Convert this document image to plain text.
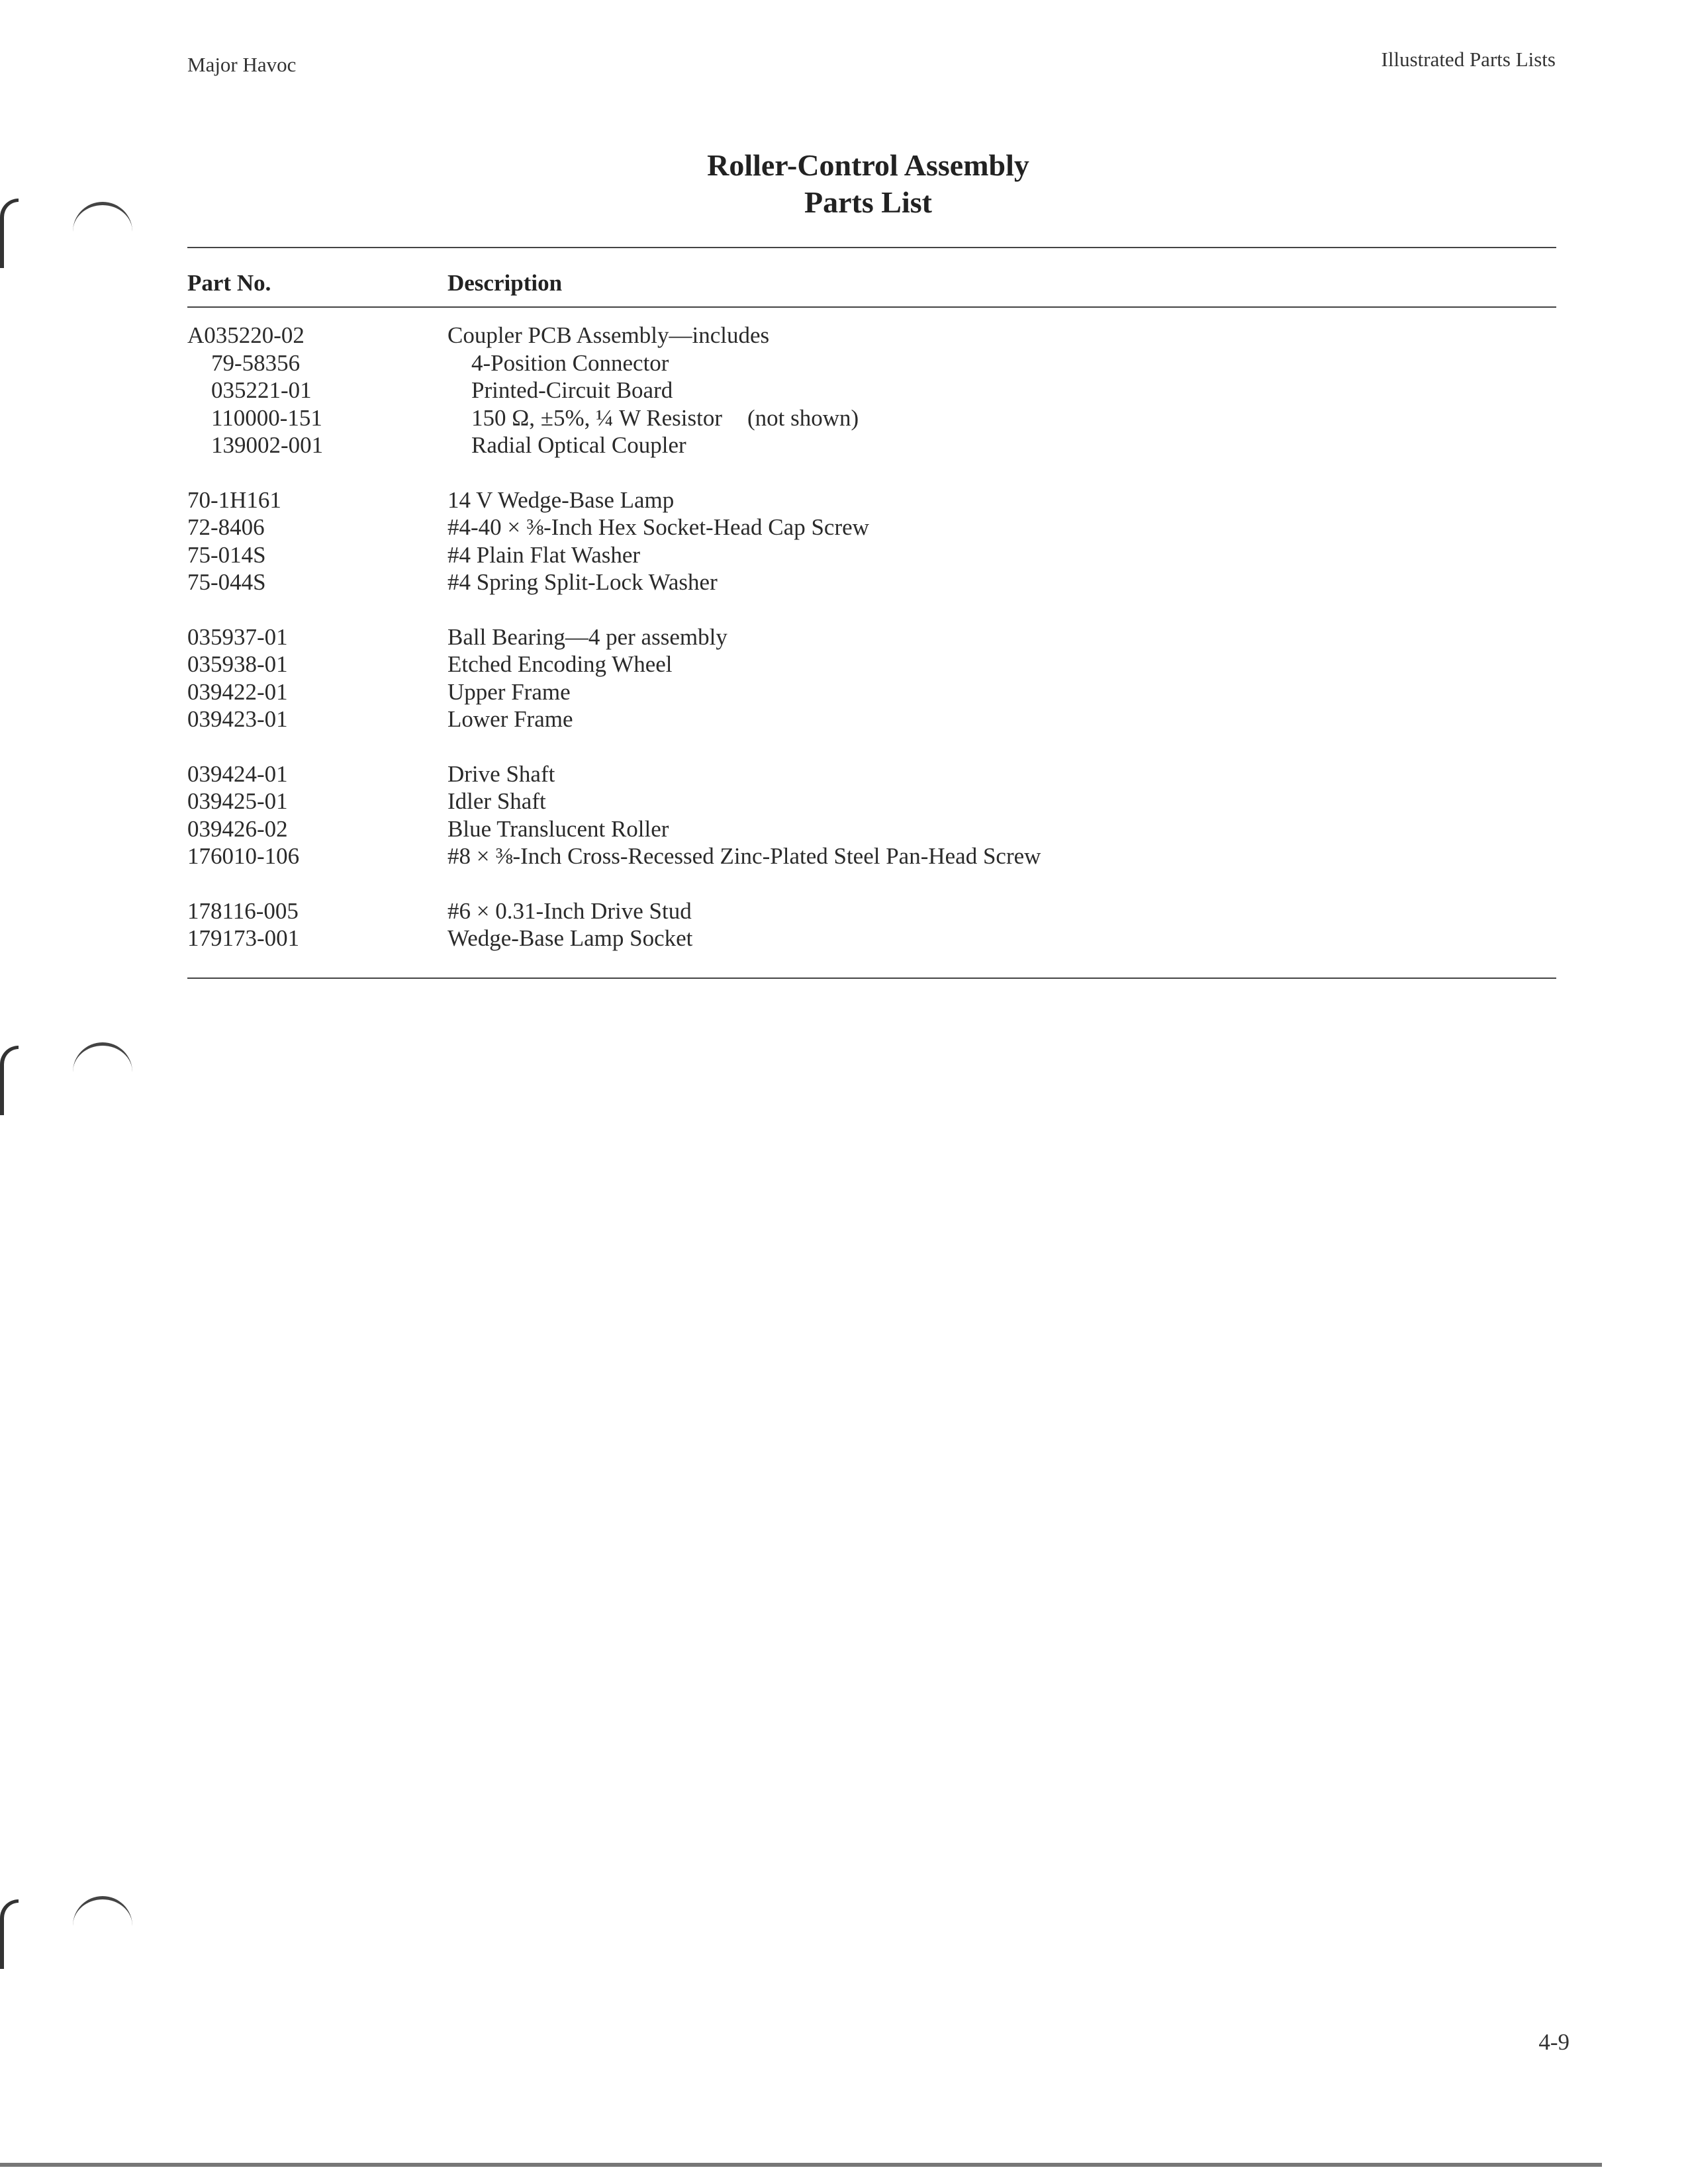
Major Havoc	Illustrated Parts Lists
Roller-Control Assembly
Parts List
Part No.	Description
A035220-02	Coupler PCB Assembly—includes
79-58356	4-Position Connector
035221-01	Printed-Circuit Board
110000-151	150 Ω, ±5%, ¼ W Resistor (not shown)
139002-001	Radial Optical Coupler
70-1H161	14 V Wedge-Base Lamp
72-8406	#4-40 × ⅜-Inch Hex Socket-Head Cap Screw
75-014S	#4 Plain Flat Washer
75-044S	#4 Spring Split-Lock Washer
035937-01	Ball Bearing—4 per assembly
035938-01	Etched Encoding Wheel
039422-01	Upper Frame
039423-01	Lower Frame
039424-01	Drive Shaft
039425-01	Idler Shaft
039426-02	Blue Translucent Roller
176010-106	#8 × ⅜-Inch Cross-Recessed Zinc-Plated Steel Pan-Head Screw
178116-005	#6 × 0.31-Inch Drive Stud
179173-001	Wedge-Base Lamp Socket
4-9
